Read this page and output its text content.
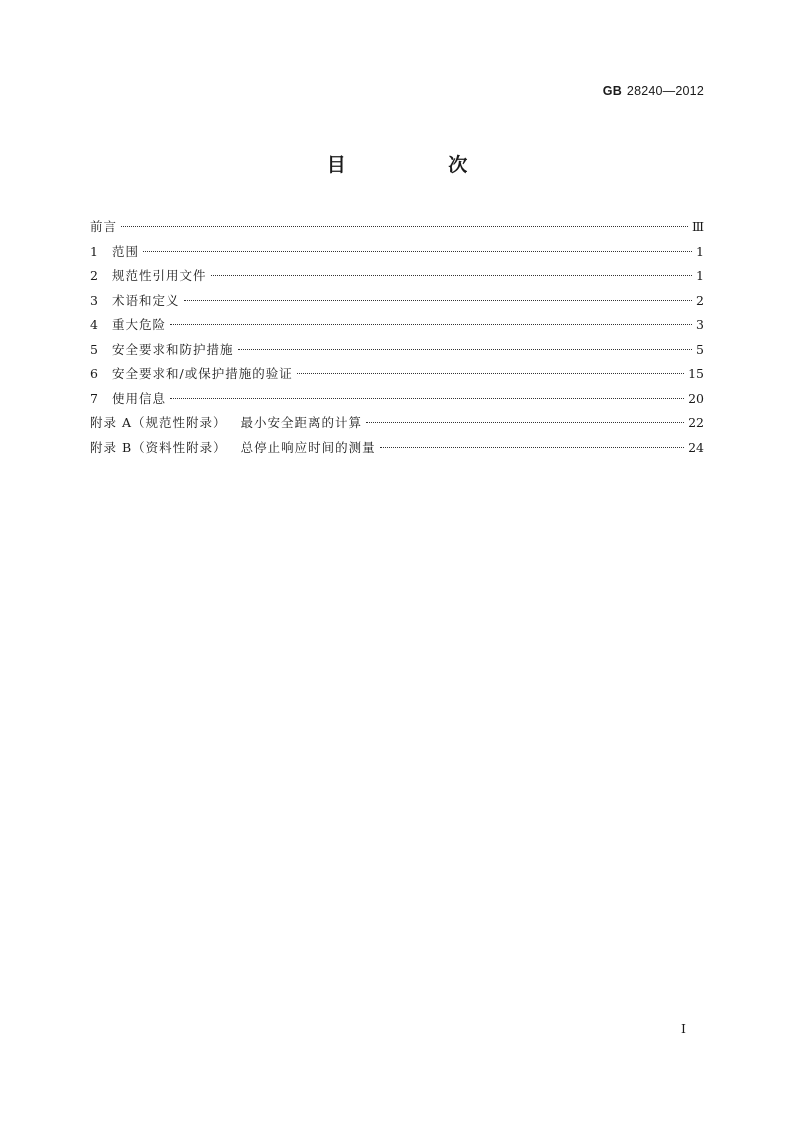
GB 28240—2012
目 次
前言	Ⅲ
1	范围	1
2	规范性引用文件	1
3	术语和定义	2
4	重大危险	3
5	安全要求和防护措施	5
6	安全要求和/或保护措施的验证	15
7	使用信息	20
附录 A（规范性附录） 最小安全距离的计算	22
附录 B（资料性附录） 总停止响应时间的测量	24
I
